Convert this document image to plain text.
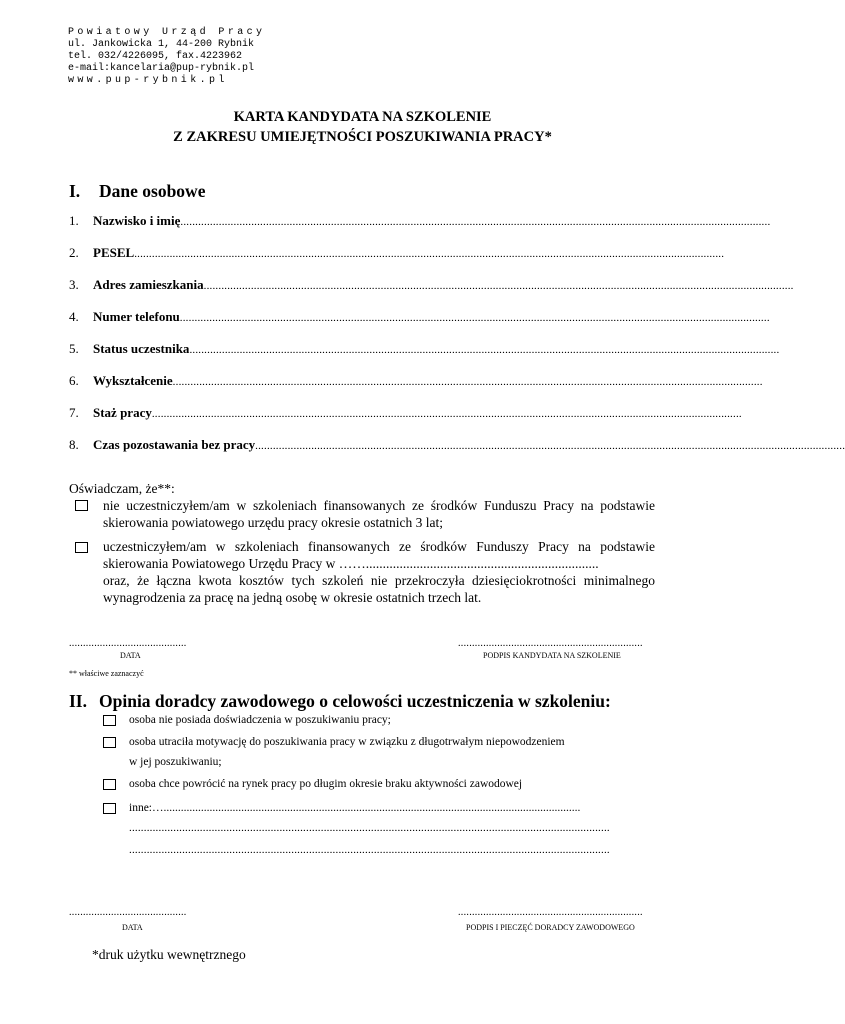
Powiatowy Urząd Pracy
ul. Jankowicka 1, 44-200 Rybnik
tel. 032/4226095, fax.4223962
e-mail:kancelaria@pup-rybnik.pl
www.pup-rybnik.pl
KARTA KANDYDATA NA SZKOLENIE
Z ZAKRESU UMIEJĘTNOŚCI POSZUKIWANIA PRACY*
I. Dane osobowe
1.	Nazwisko i imię ........................................................................................................................................................................................................
2.	PESEL ........................................................................................................................................................................................................
3.	Adres zamieszkania ........................................................................................................................................................................................................
4.	Numer telefonu ........................................................................................................................................................................................................
5.	Status uczestnika ........................................................................................................................................................................................................
6.	Wykształcenie ........................................................................................................................................................................................................
7.	Staż pracy ........................................................................................................................................................................................................
8.	Czas pozostawania bez pracy ........................................................................................................................................................................................................
Oświadczam, że**:
nie uczestniczyłem/am w szkoleniach finansowanych ze środków Funduszu Pracy na podstawie skierowania powiatowego urzędu pracy okresie ostatnich 3 lat;
uczestniczyłem/am w szkoleniach finansowanych ze środków Funduszy Pracy na podstawie skierowania Powiatowego Urzędu Pracy w …….....................................................................
oraz, że łączna kwota kosztów tych szkoleń nie przekroczyła dziesięciokrotności minimalnego wynagrodzenia za pracę na jedną osobę w okresie ostatnich trzech lat.
..........................................	..................................................................
DATA	PODPIS KANDYDATA NA SZKOLENIE
** właściwe zaznaczyć
II. Opinia doradcy zawodowego o celowości uczestniczenia w szkoleniu:
osoba nie posiada doświadczenia w poszukiwaniu pracy;
osoba utraciła motywację do poszukiwania pracy w związku z długotrwałym niepowodzeniem
w jej poszukiwaniu;
osoba chce powrócić na rynek pracy po długim okresie braku aktywności zawodowej
inne:….................................................................................................................................................
...................................................................................................................................................................
...................................................................................................................................................................
..........................................	..................................................................
DATA	PODPIS I PIECZĘĆ DORADCY ZAWODOWEGO
*druk użytku wewnętrznego
